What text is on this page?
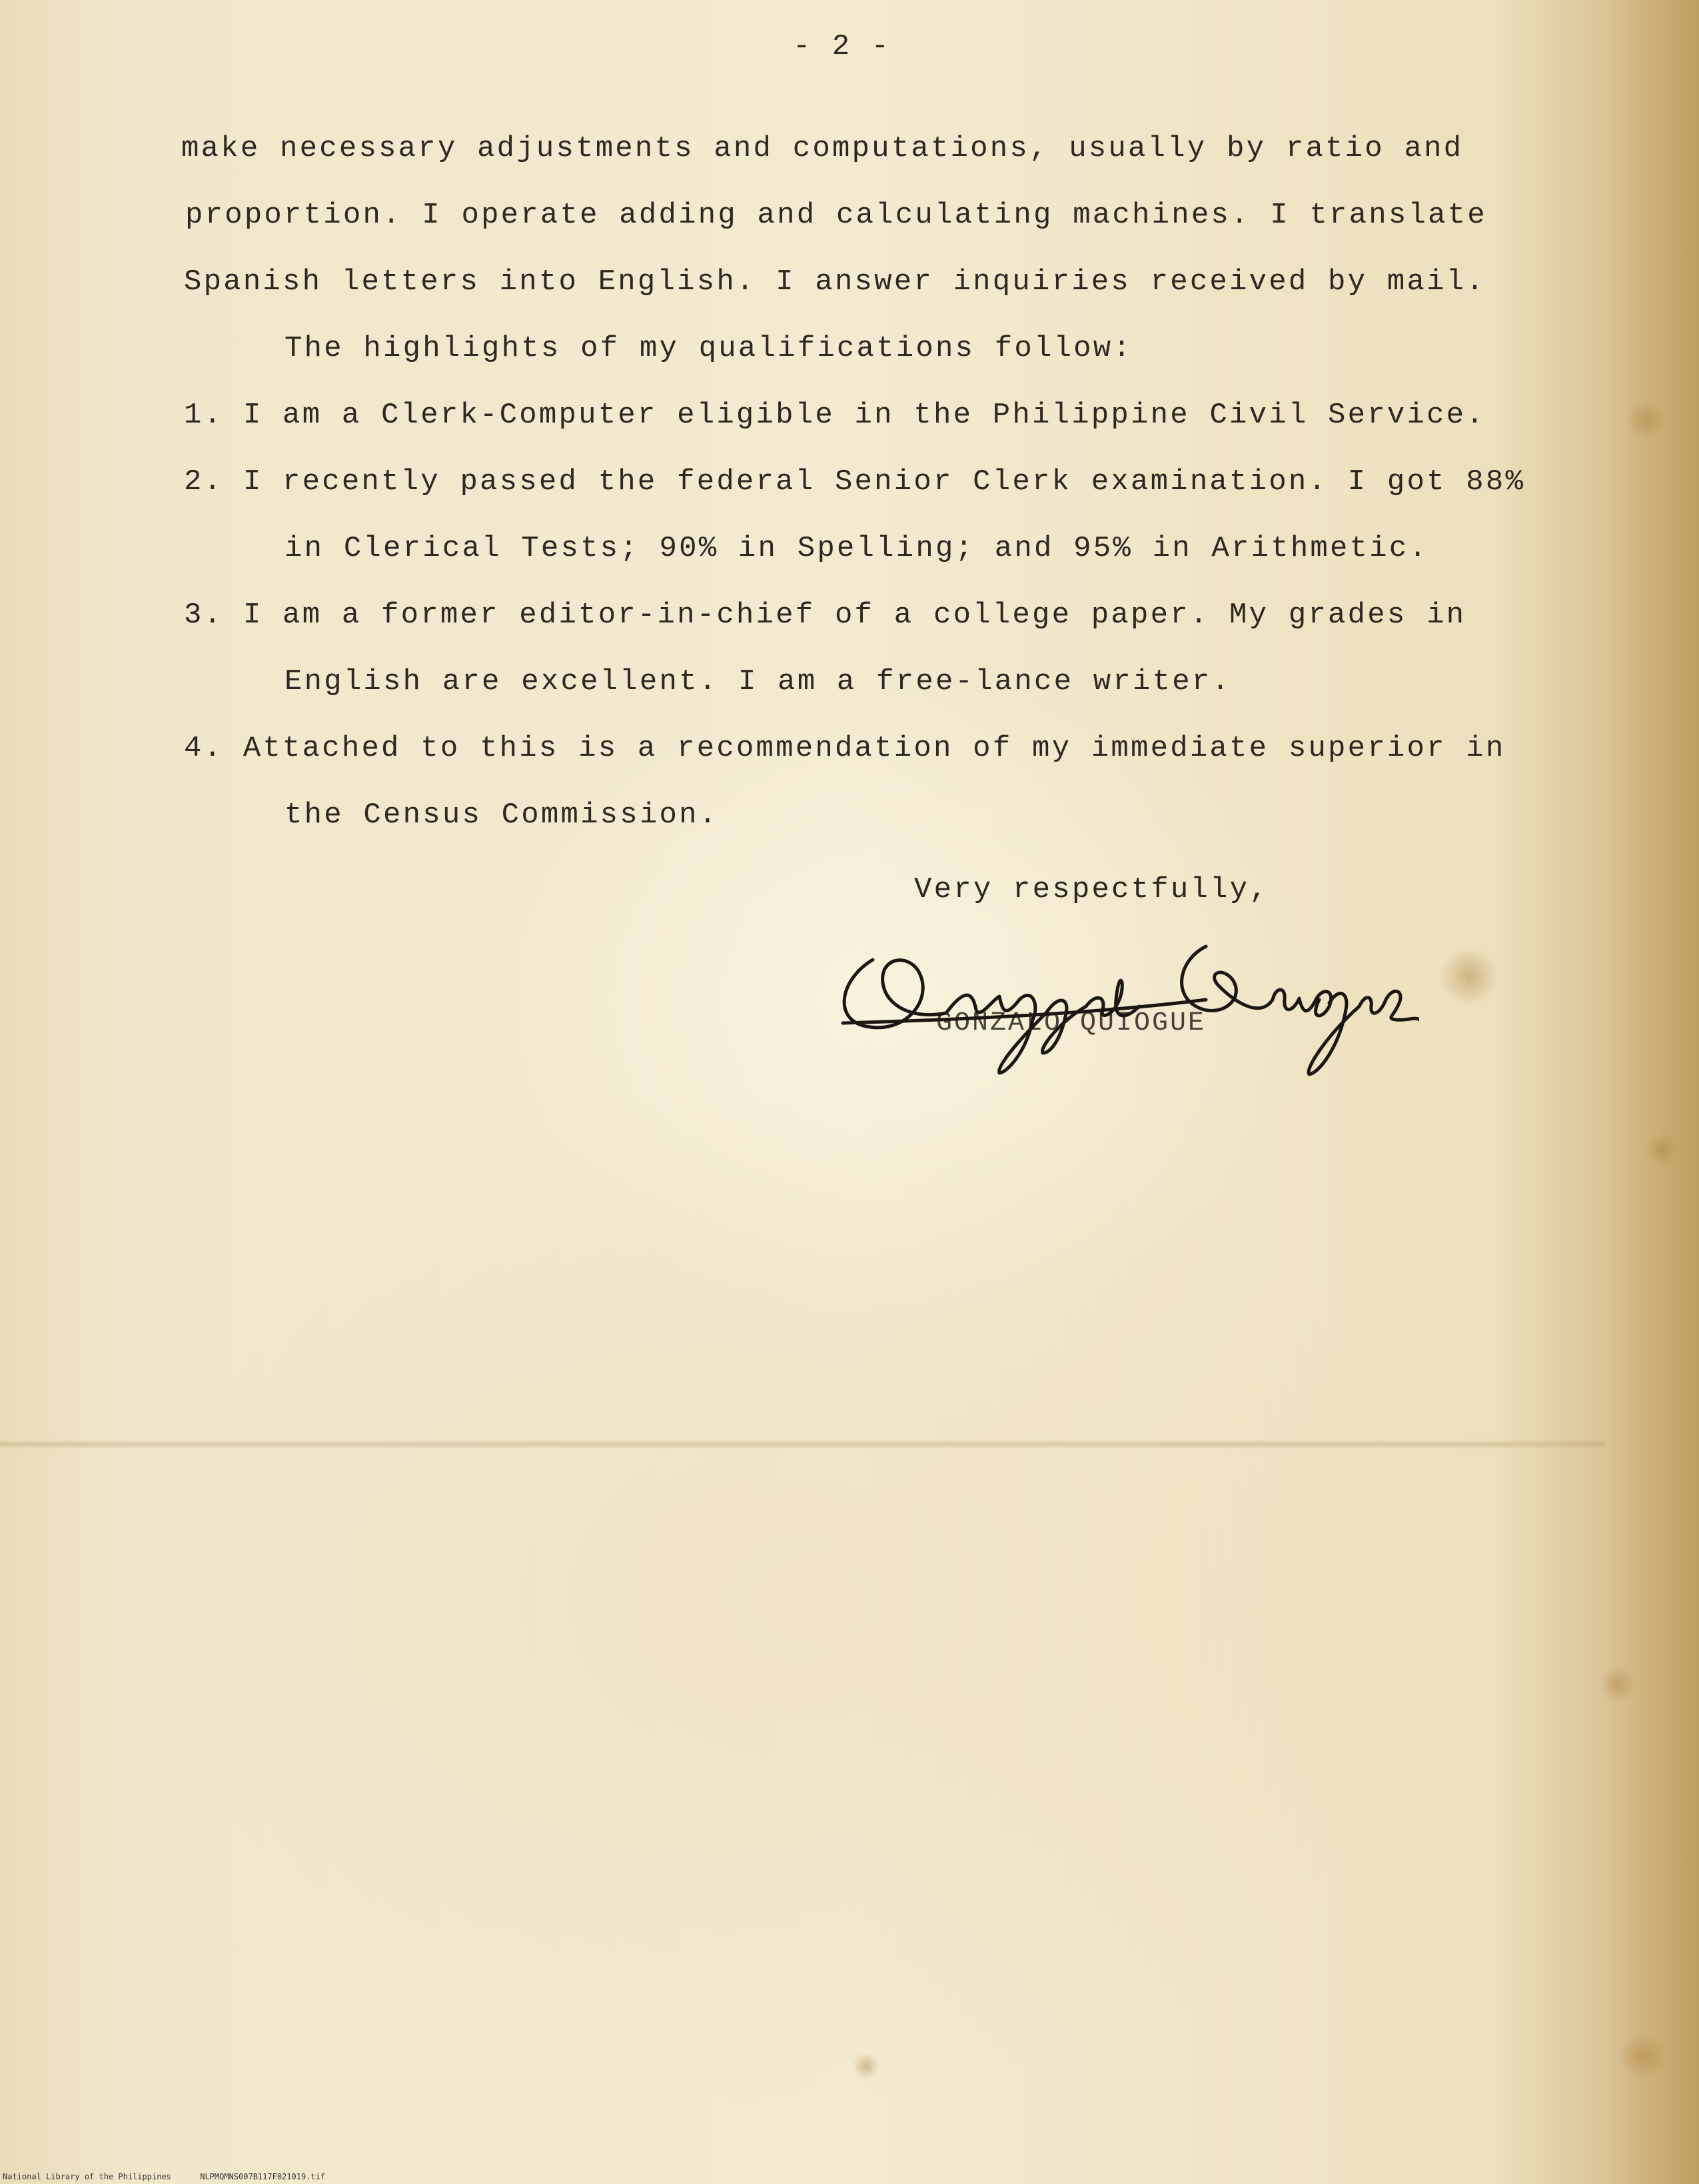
- 2 -
make necessary adjustments and computations, usually by ratio and
proportion. I operate adding and calculating machines. I translate
Spanish letters into English. I answer inquiries received by mail.
The highlights of my qualifications follow:
1. I am a Clerk-Computer eligible in the Philippine Civil Service.
2. I recently passed the federal Senior Clerk examination. I got 88%
in Clerical Tests; 90% in Spelling; and 95% in Arithmetic.
3. I am a former editor-in-chief of a college paper. My grades in
English are excellent. I am a free-lance writer.
4. Attached to this is a recommendation of my immediate superior in
the Census Commission.
Very respectfully,
GONZALO QUIOGUE
National Library of the Philippines	NLPMQMNS007B117F021019.tif
